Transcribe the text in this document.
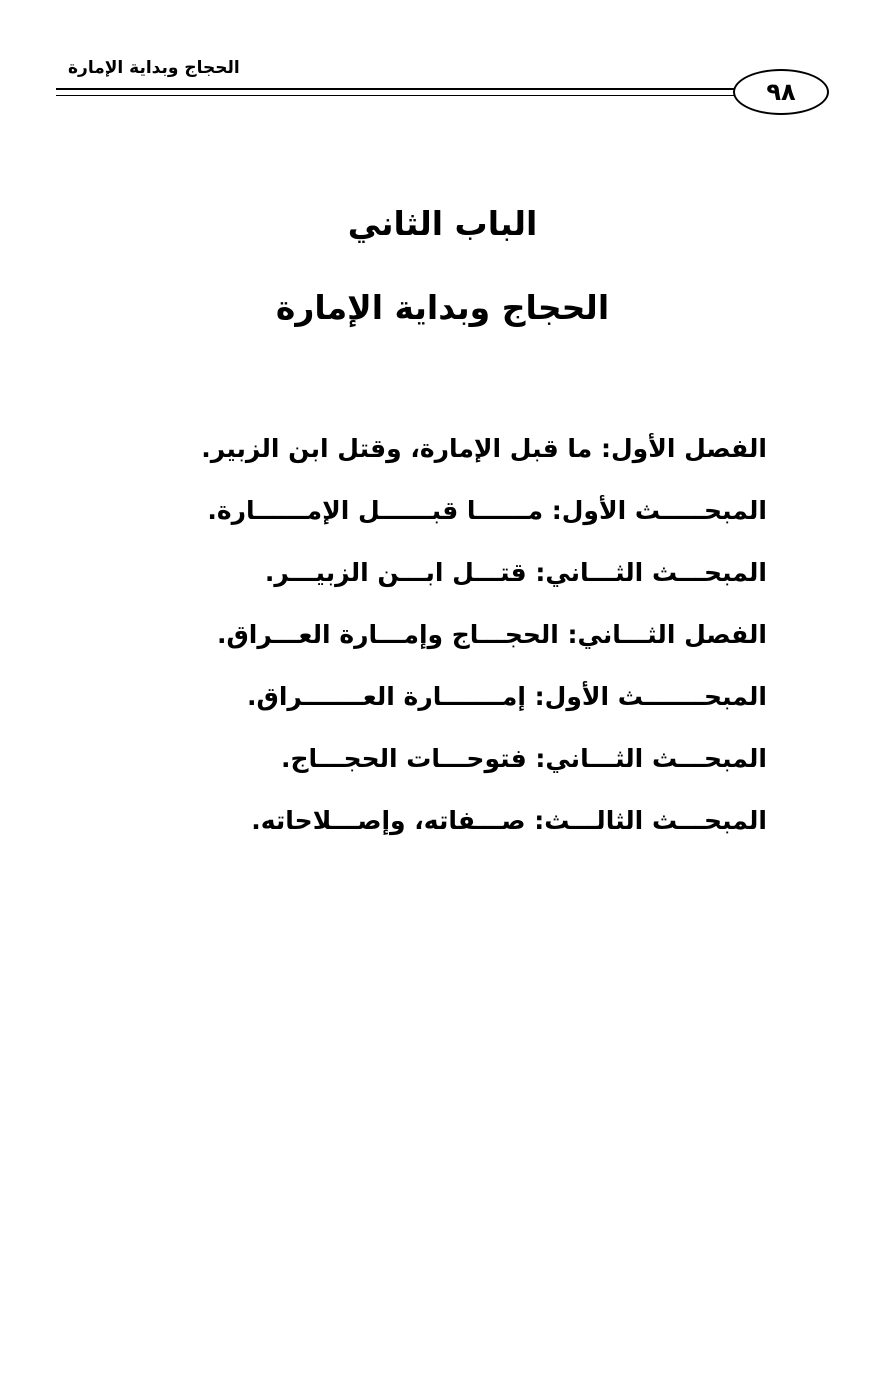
الحجاج وبداية الإمارة
٩٨
الباب الثاني
الحجاج وبداية الإمارة
الفصل الأول: ما قبل الإمارة، وقتل ابن الزبير.
المبحـــــث الأول: مــــــا قبــــــل الإمــــــارة.
المبحـــث الثـــاني: قتـــل ابـــن الزبيـــر.
الفصل الثـــاني: الحجـــاج وإمـــارة العـــراق.
المبحـــــــث الأول: إمـــــــارة العـــــــراق.
المبحـــث الثـــاني: فتوحـــات الحجـــاج.
المبحـــث الثالـــث: صـــفاته، وإصـــلاحاته.
